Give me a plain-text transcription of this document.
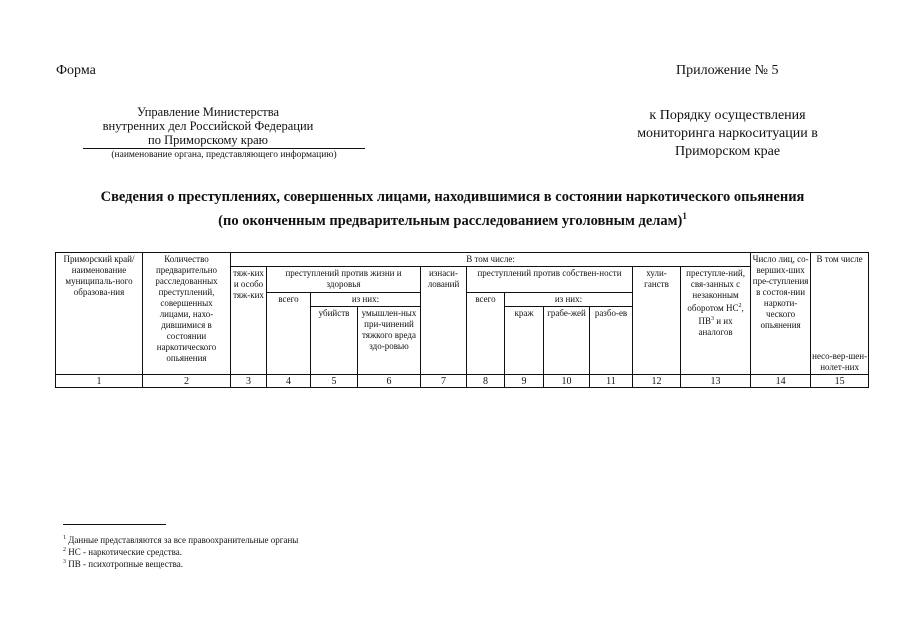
Форма	Приложение № 5
Управление Министерства
внутренних дел Российской Федерации
по Приморскому краю
(наименование органа, представляющего информацию)
к Порядку осуществления
мониторинга наркоситуации в
Приморском крае
Сведения о преступлениях, совершенных лицами, находившимися в состоянии наркотического опьянения
(по оконченным предварительным расследованием уголовным делам)$^1$
Приморский край/ наименование муниципаль-ного образова-ния	Количество предварительно расследованных преступлений, совершенных лицами, нахо-дившимися в состоянии наркотического опьянения	В том числе:											Число лиц, со-верших-ших пре-ступления в состоя-нии наркоти-ческого опьянения	В том числе
		тяж-ких и особо тяж-ких	преступлений против жизни и здоровья			изнаси-лований	преступлений против собствен-ности				хули-ганств	преступле-ний, свя-занных с незаконным оборотом $НС^2$, $ПВ^3$ и их аналогов		
			всего	из них:			всего	из них:						
				убийств	умышлен-ных при-чинений тяжкого вреда здо-ровью			краж	грабе-жей	разбо-ев				несо-вер-шен-нолет-них
1	2	3	4	5	6	7	8	9	10	11	12	13	14	15
$^1$ Данные представляются за все правоохранительные органы
$^2$ НС - наркотические средства.
$^3$ ПВ - психотропные вещества.
